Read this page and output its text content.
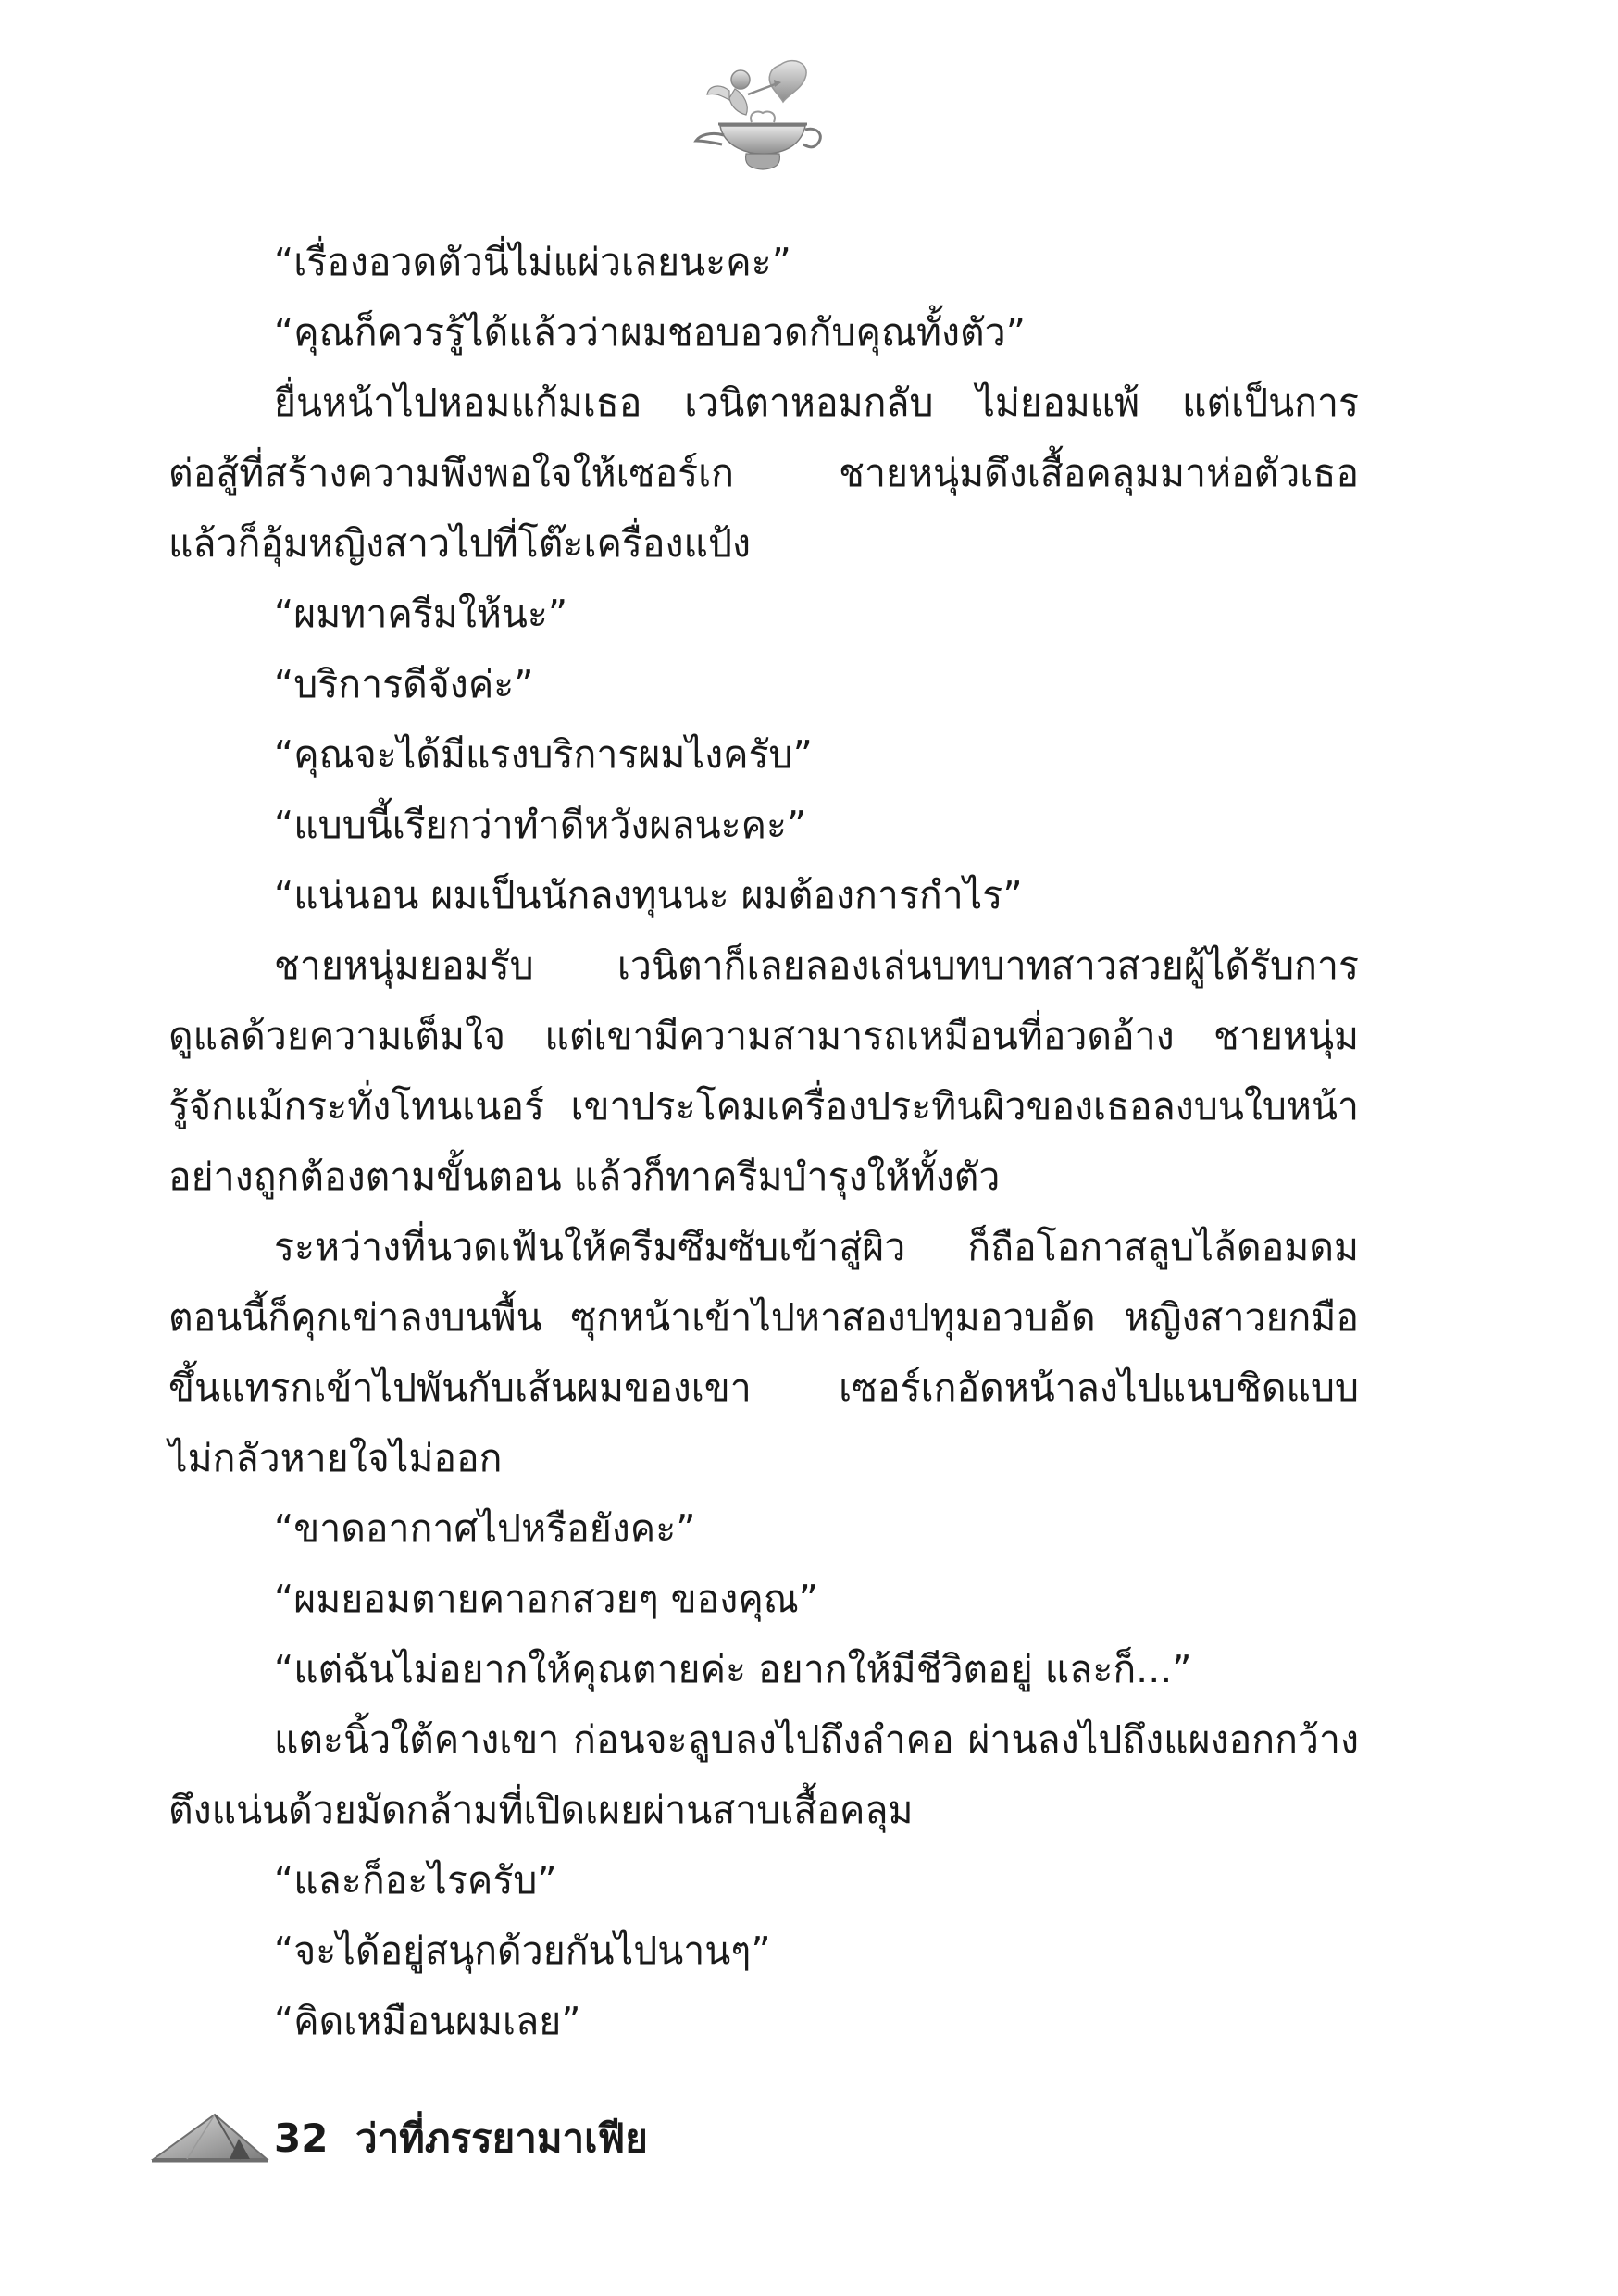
“เรื่องอวดตัวนี่ไม่แผ่วเลยนะคะ”
“คุณก็ควรรู้ได้แล้วว่าผมชอบอวดกับคุณทั้งตัว”
ยื่นหน้าไปหอมแก้มเธอ เวนิตาหอมกลับ ไม่ยอมแพ้ แต่เป็นการ
ต่อสู้ที่สร้างความพึงพอใจให้เซอร์เก ชายหนุ่มดึงเสื้อคลุมมาห่อตัวเธอ
แล้วก็อุ้มหญิงสาวไปที่โต๊ะเครื่องแป้ง
“ผมทาครีมให้นะ”
“บริการดีจังค่ะ”
“คุณจะได้มีแรงบริการผมไงครับ”
“แบบนี้เรียกว่าทำดีหวังผลนะคะ”
“แน่นอน ผมเป็นนักลงทุนนะ ผมต้องการกำไร”
ชายหนุ่มยอมรับ เวนิตาก็เลยลองเล่นบทบาทสาวสวยผู้ได้รับการ
ดูแลด้วยความเต็มใจ แต่เขามีความสามารถเหมือนที่อวดอ้าง ชายหนุ่ม
รู้จักแม้กระทั่งโทนเนอร์ เขาประโคมเครื่องประทินผิวของเธอลงบนใบหน้า
อย่างถูกต้องตามขั้นตอน แล้วก็ทาครีมบำรุงให้ทั้งตัว
ระหว่างที่นวดเฟ้นให้ครีมซึมซับเข้าสู่ผิว ก็ถือโอกาสลูบไล้ดอมดม
ตอนนี้ก็คุกเข่าลงบนพื้น ซุกหน้าเข้าไปหาสองปทุมอวบอัด หญิงสาวยกมือ
ขึ้นแทรกเข้าไปพันกับเส้นผมของเขา เซอร์เกอัดหน้าลงไปแนบชิดแบบ
ไม่กลัวหายใจไม่ออก
“ขาดอากาศไปหรือยังคะ”
“ผมยอมตายคาอกสวยๆ ของคุณ”
“แต่ฉันไม่อยากให้คุณตายค่ะ อยากให้มีชีวิตอยู่ และก็...”
แตะนิ้วใต้คางเขา ก่อนจะลูบลงไปถึงลำคอ ผ่านลงไปถึงแผงอกกว้าง
ตึงแน่นด้วยมัดกล้ามที่เปิดเผยผ่านสาบเสื้อคลุม
“และก็อะไรครับ”
“จะได้อยู่สนุกด้วยกันไปนานๆ”
“คิดเหมือนผมเลย”
32 ว่าที่ภรรยามาเฟีย
